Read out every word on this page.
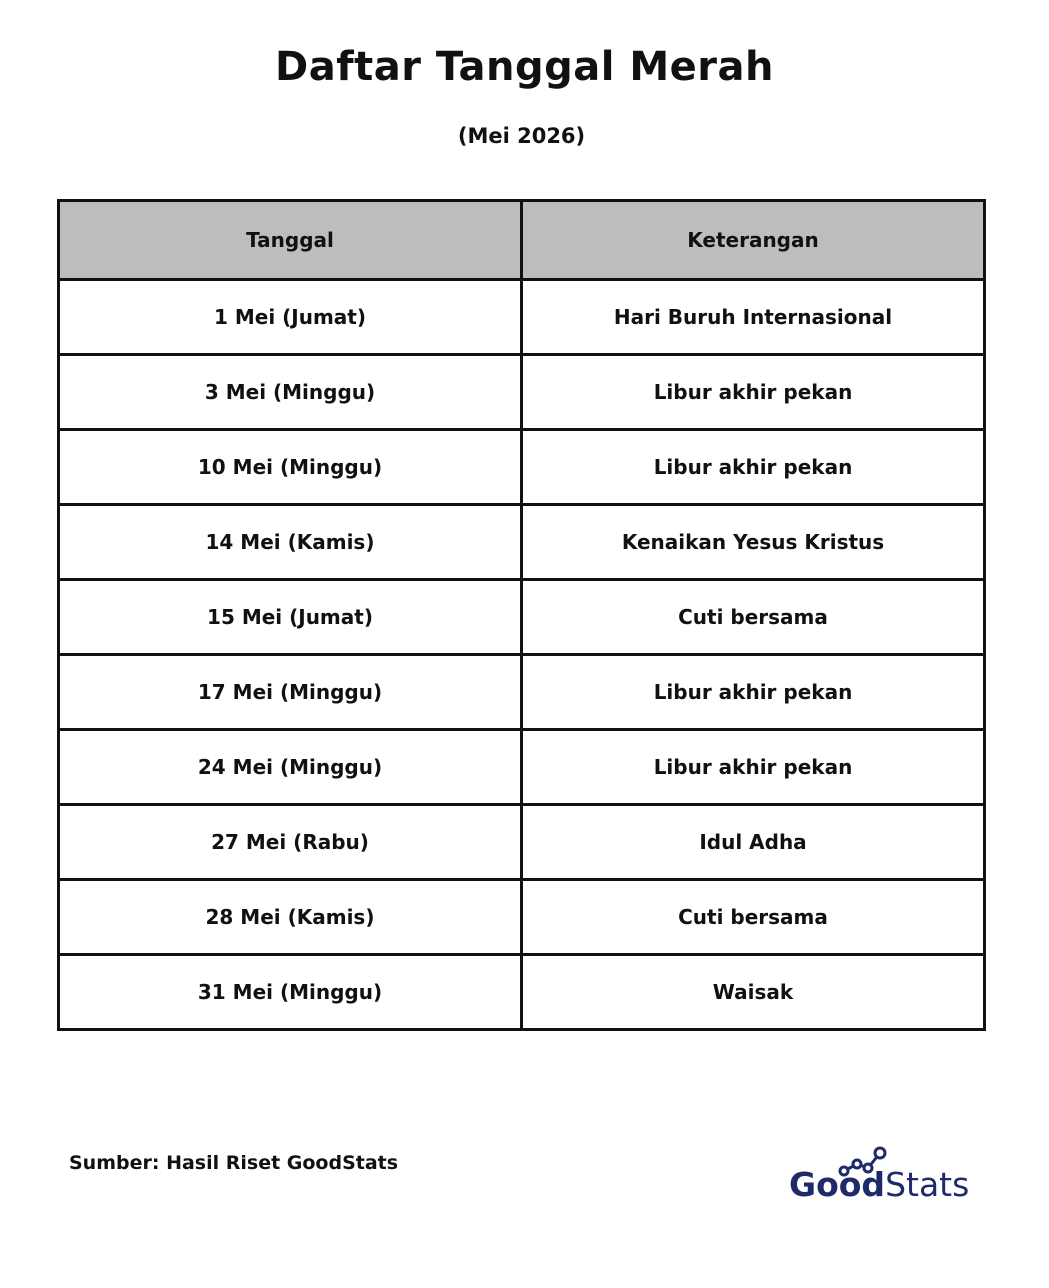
Daftar Tanggal Merah
(Mei 2026)
Tanggal	Keterangan
1 Mei (Jumat)	Hari Buruh Internasional
3 Mei (Minggu)	Libur akhir pekan
10 Mei (Minggu)	Libur akhir pekan
14 Mei (Kamis)	Kenaikan Yesus Kristus
15 Mei (Jumat)	Cuti bersama
17 Mei (Minggu)	Libur akhir pekan
24 Mei (Minggu)	Libur akhir pekan
27 Mei (Rabu)	Idul Adha
28 Mei (Kamis)	Cuti bersama
31 Mei (Minggu)	Waisak
Sumber: Hasil Riset GoodStats
GoodStats
